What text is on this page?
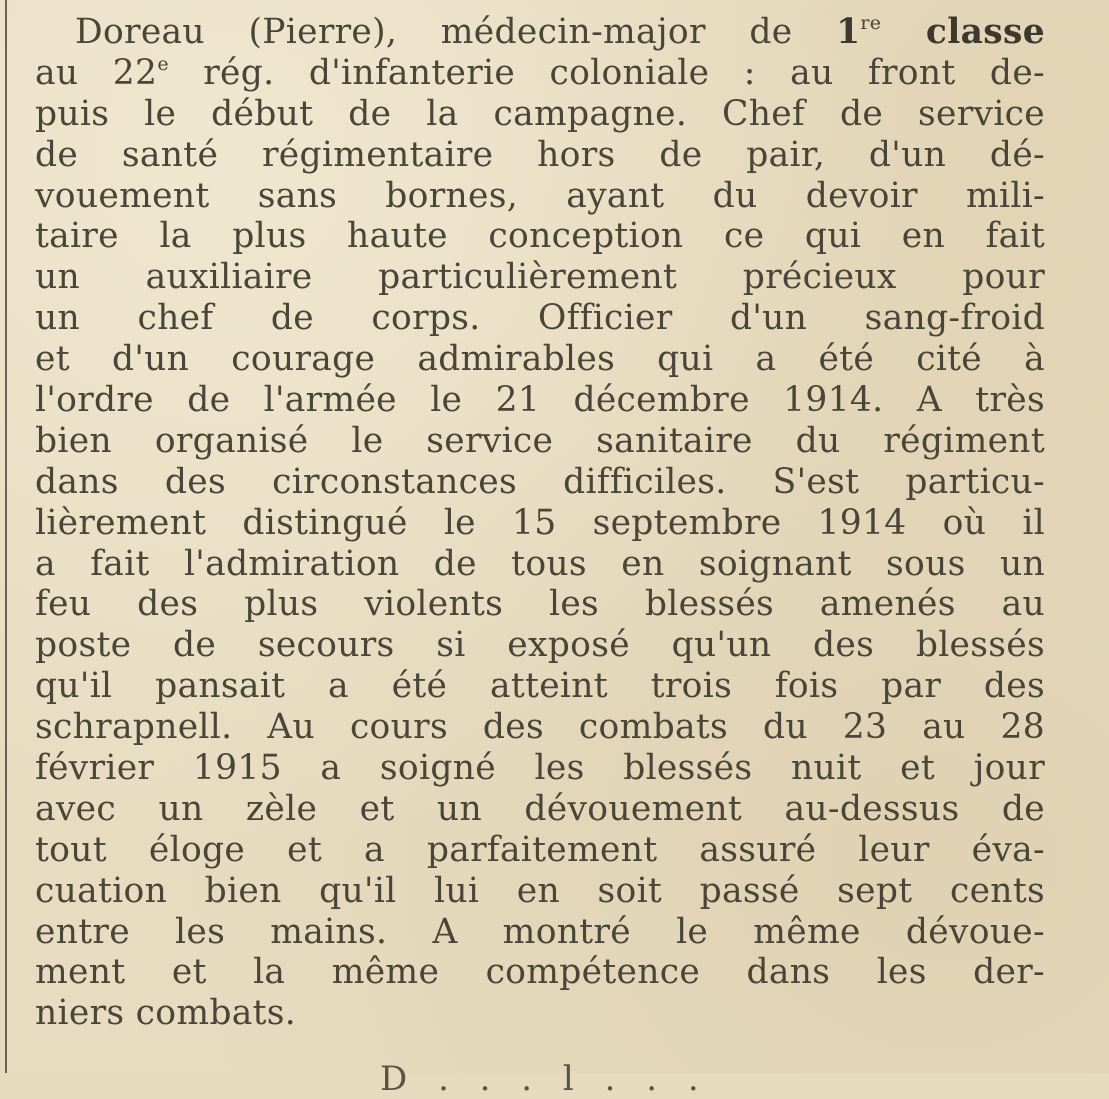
Doreau (Pierre), médecin-major de 1re classe
au 22e rég. d'infanterie coloniale : au front de-
puis le début de la campagne. Chef de service
de santé régimentaire hors de pair, d'un dé-
vouement sans bornes, ayant du devoir mili-
taire la plus haute conception ce qui en fait
un auxiliaire particulièrement précieux pour
un chef de corps. Officier d'un sang-froid
et d'un courage admirables qui a été cité à
l'ordre de l'armée le 21 décembre 1914. A très
bien organisé le service sanitaire du régiment
dans des circonstances difficiles. S'est particu-
lièrement distingué le 15 septembre 1914 où il
a fait l'admiration de tous en soignant sous un
feu des plus violents les blessés amenés au
poste de secours si exposé qu'un des blessés
qu'il pansait a été atteint trois fois par des
schrapnell. Au cours des combats du 23 au 28
février 1915 a soigné les blessés nuit et jour
avec un zèle et un dévouement au-dessus de
tout éloge et a parfaitement assuré leur éva-
cuation bien qu'il lui en soit passé sept cents
entre les mains. A montré le même dévoue-
ment et la même compétence dans les der-
niers combats.
D . . . l . . .
